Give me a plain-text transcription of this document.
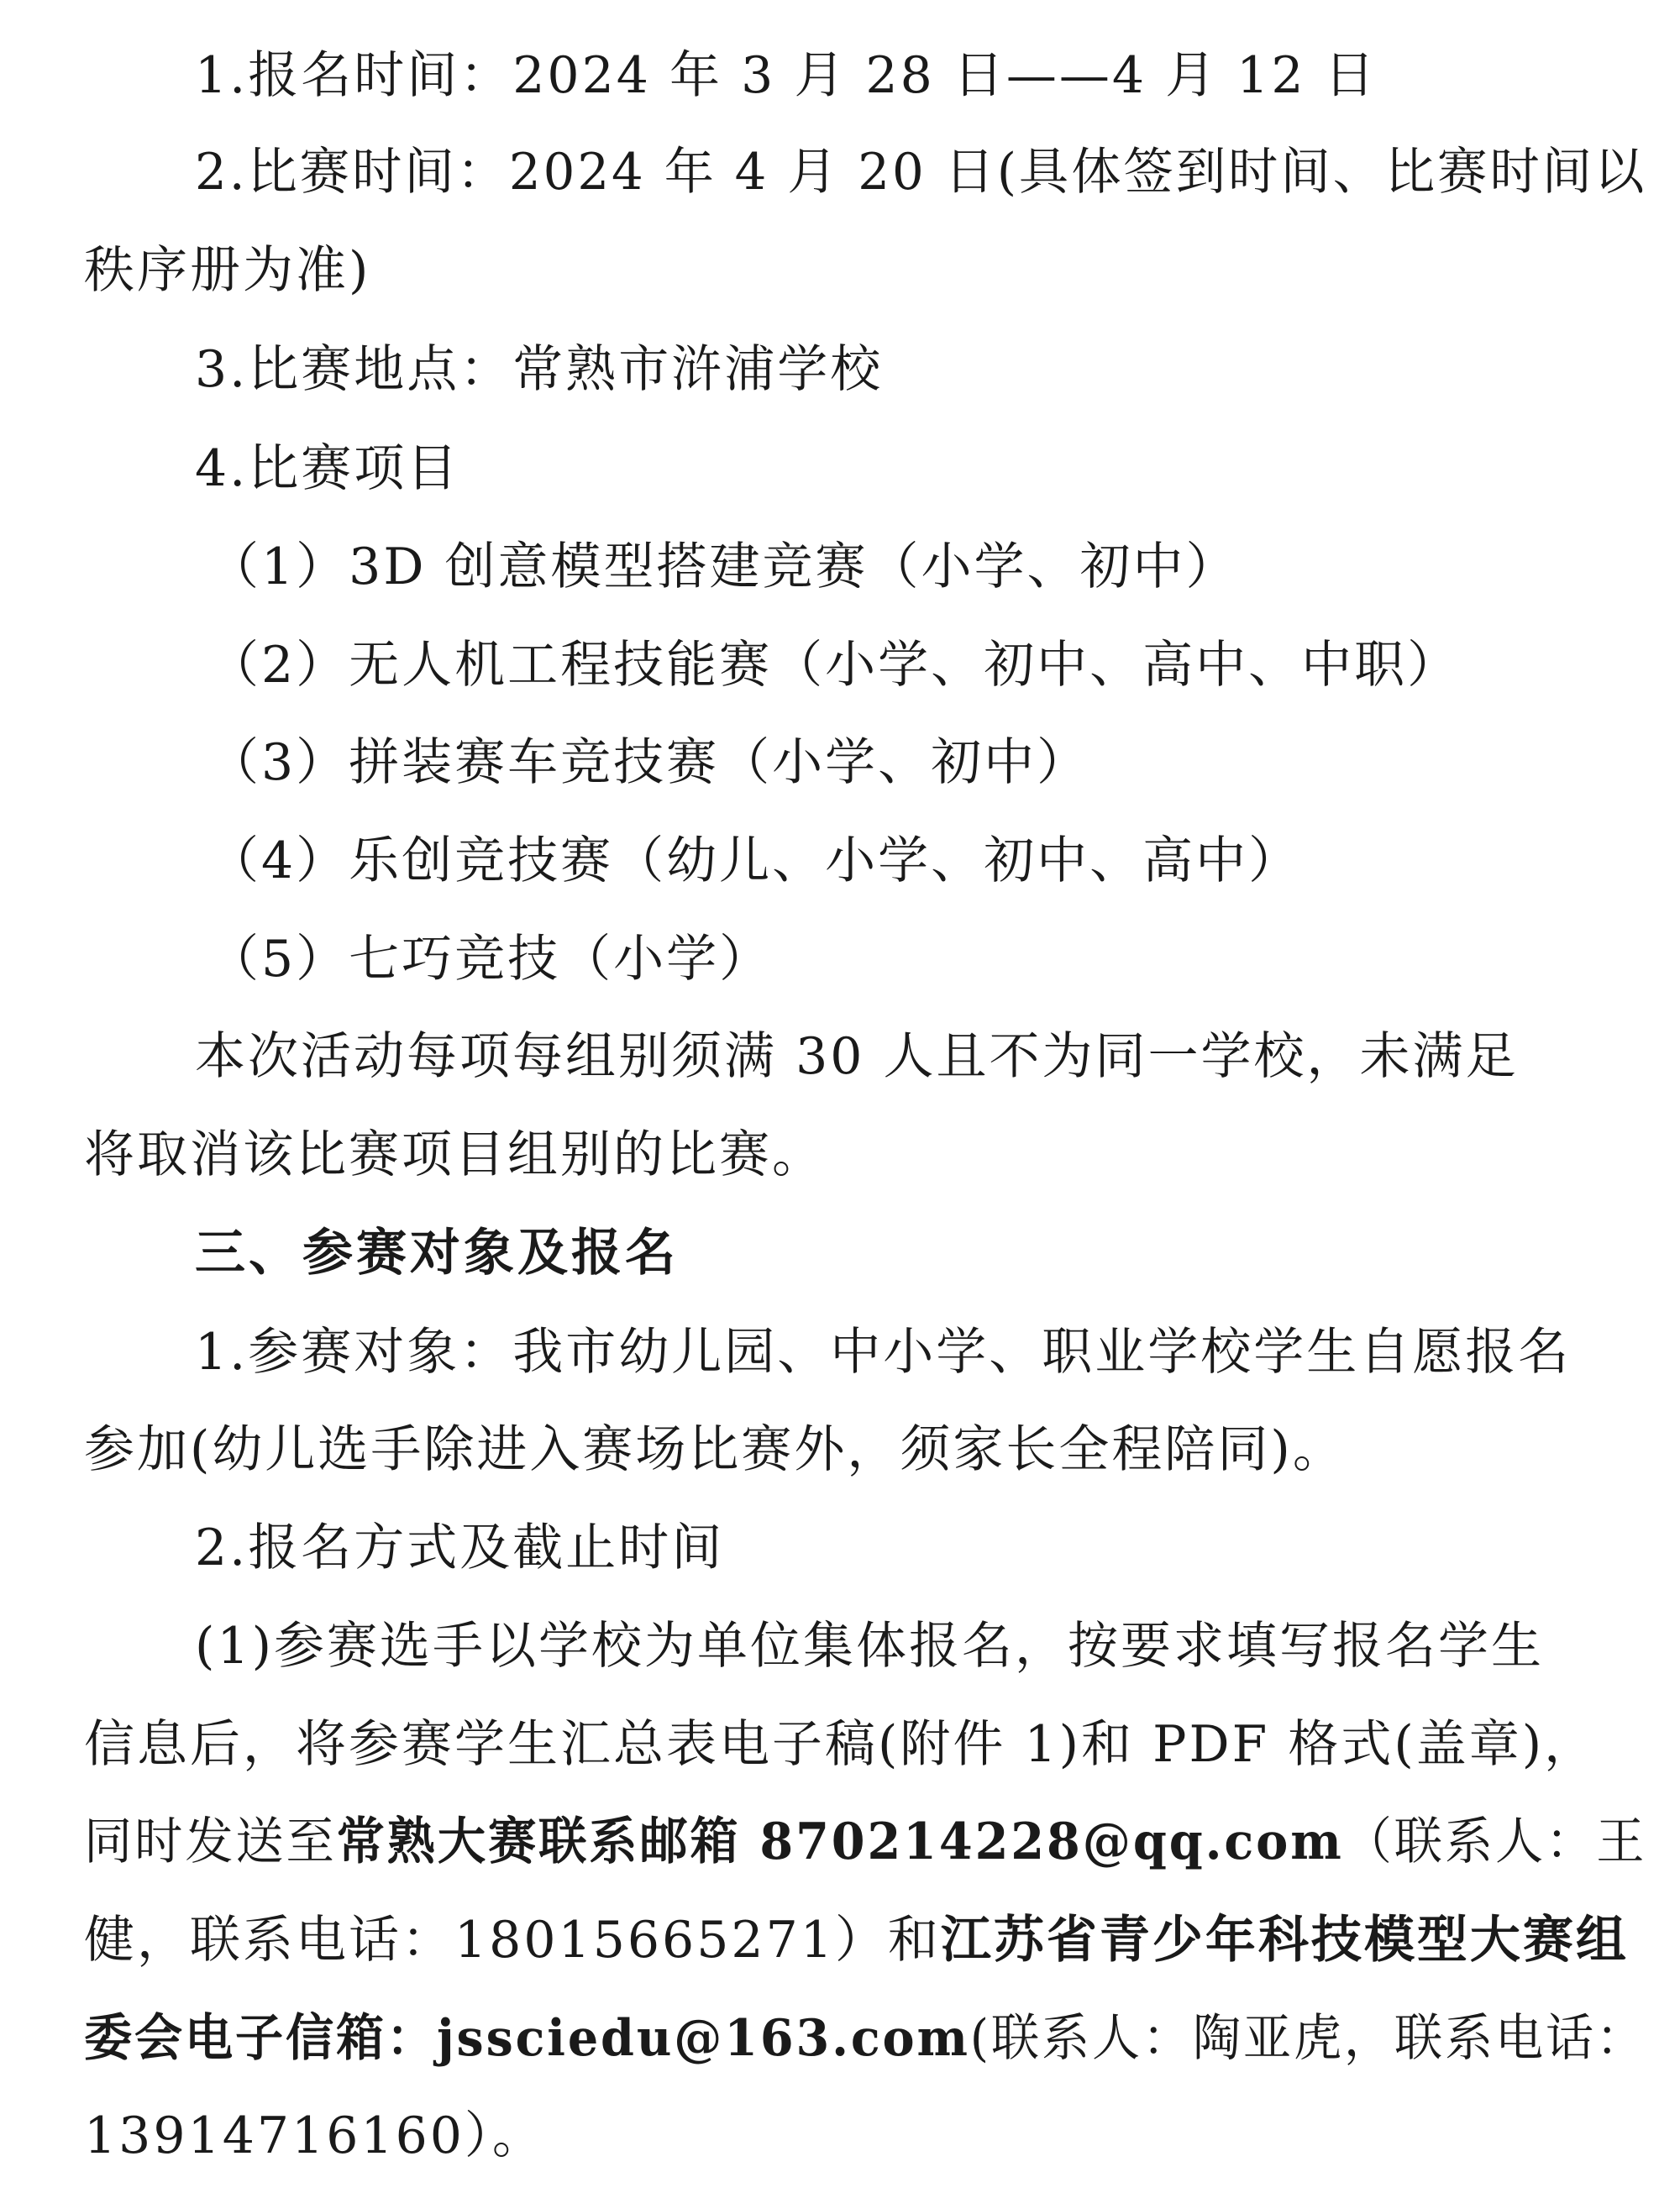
1.报名时间：2024 年 3 月 28 日——4 月 12 日
2.比赛时间：2024 年 4 月 20 日(具体签到时间、比赛时间以
秩序册为准)
3.比赛地点：常熟市浒浦学校
4.比赛项目
（1）3D 创意模型搭建竞赛（小学、初中）
（2）无人机工程技能赛（小学、初中、高中、中职）
（3）拼装赛车竞技赛（小学、初中）
（4）乐创竞技赛（幼儿、小学、初中、高中）
（5）七巧竞技（小学）
本次活动每项每组别须满 30 人且不为同一学校，未满足
将取消该比赛项目组别的比赛。
三、参赛对象及报名
1.参赛对象：我市幼儿园、中小学、职业学校学生自愿报名
参加(幼儿选手除进入赛场比赛外，须家长全程陪同)。
2.报名方式及截止时间
(1)参赛选手以学校为单位集体报名，按要求填写报名学生
信息后，将参赛学生汇总表电子稿(附件 1)和 PDF 格式(盖章)，
同时发送至常熟大赛联系邮箱 870214228@qq.com（联系人：王
健，联系电话：18015665271）和江苏省青少年科技模型大赛组
委会电子信箱：jssciedu@163.com(联系人：陶亚虎，联系电话：
13914716160）。
